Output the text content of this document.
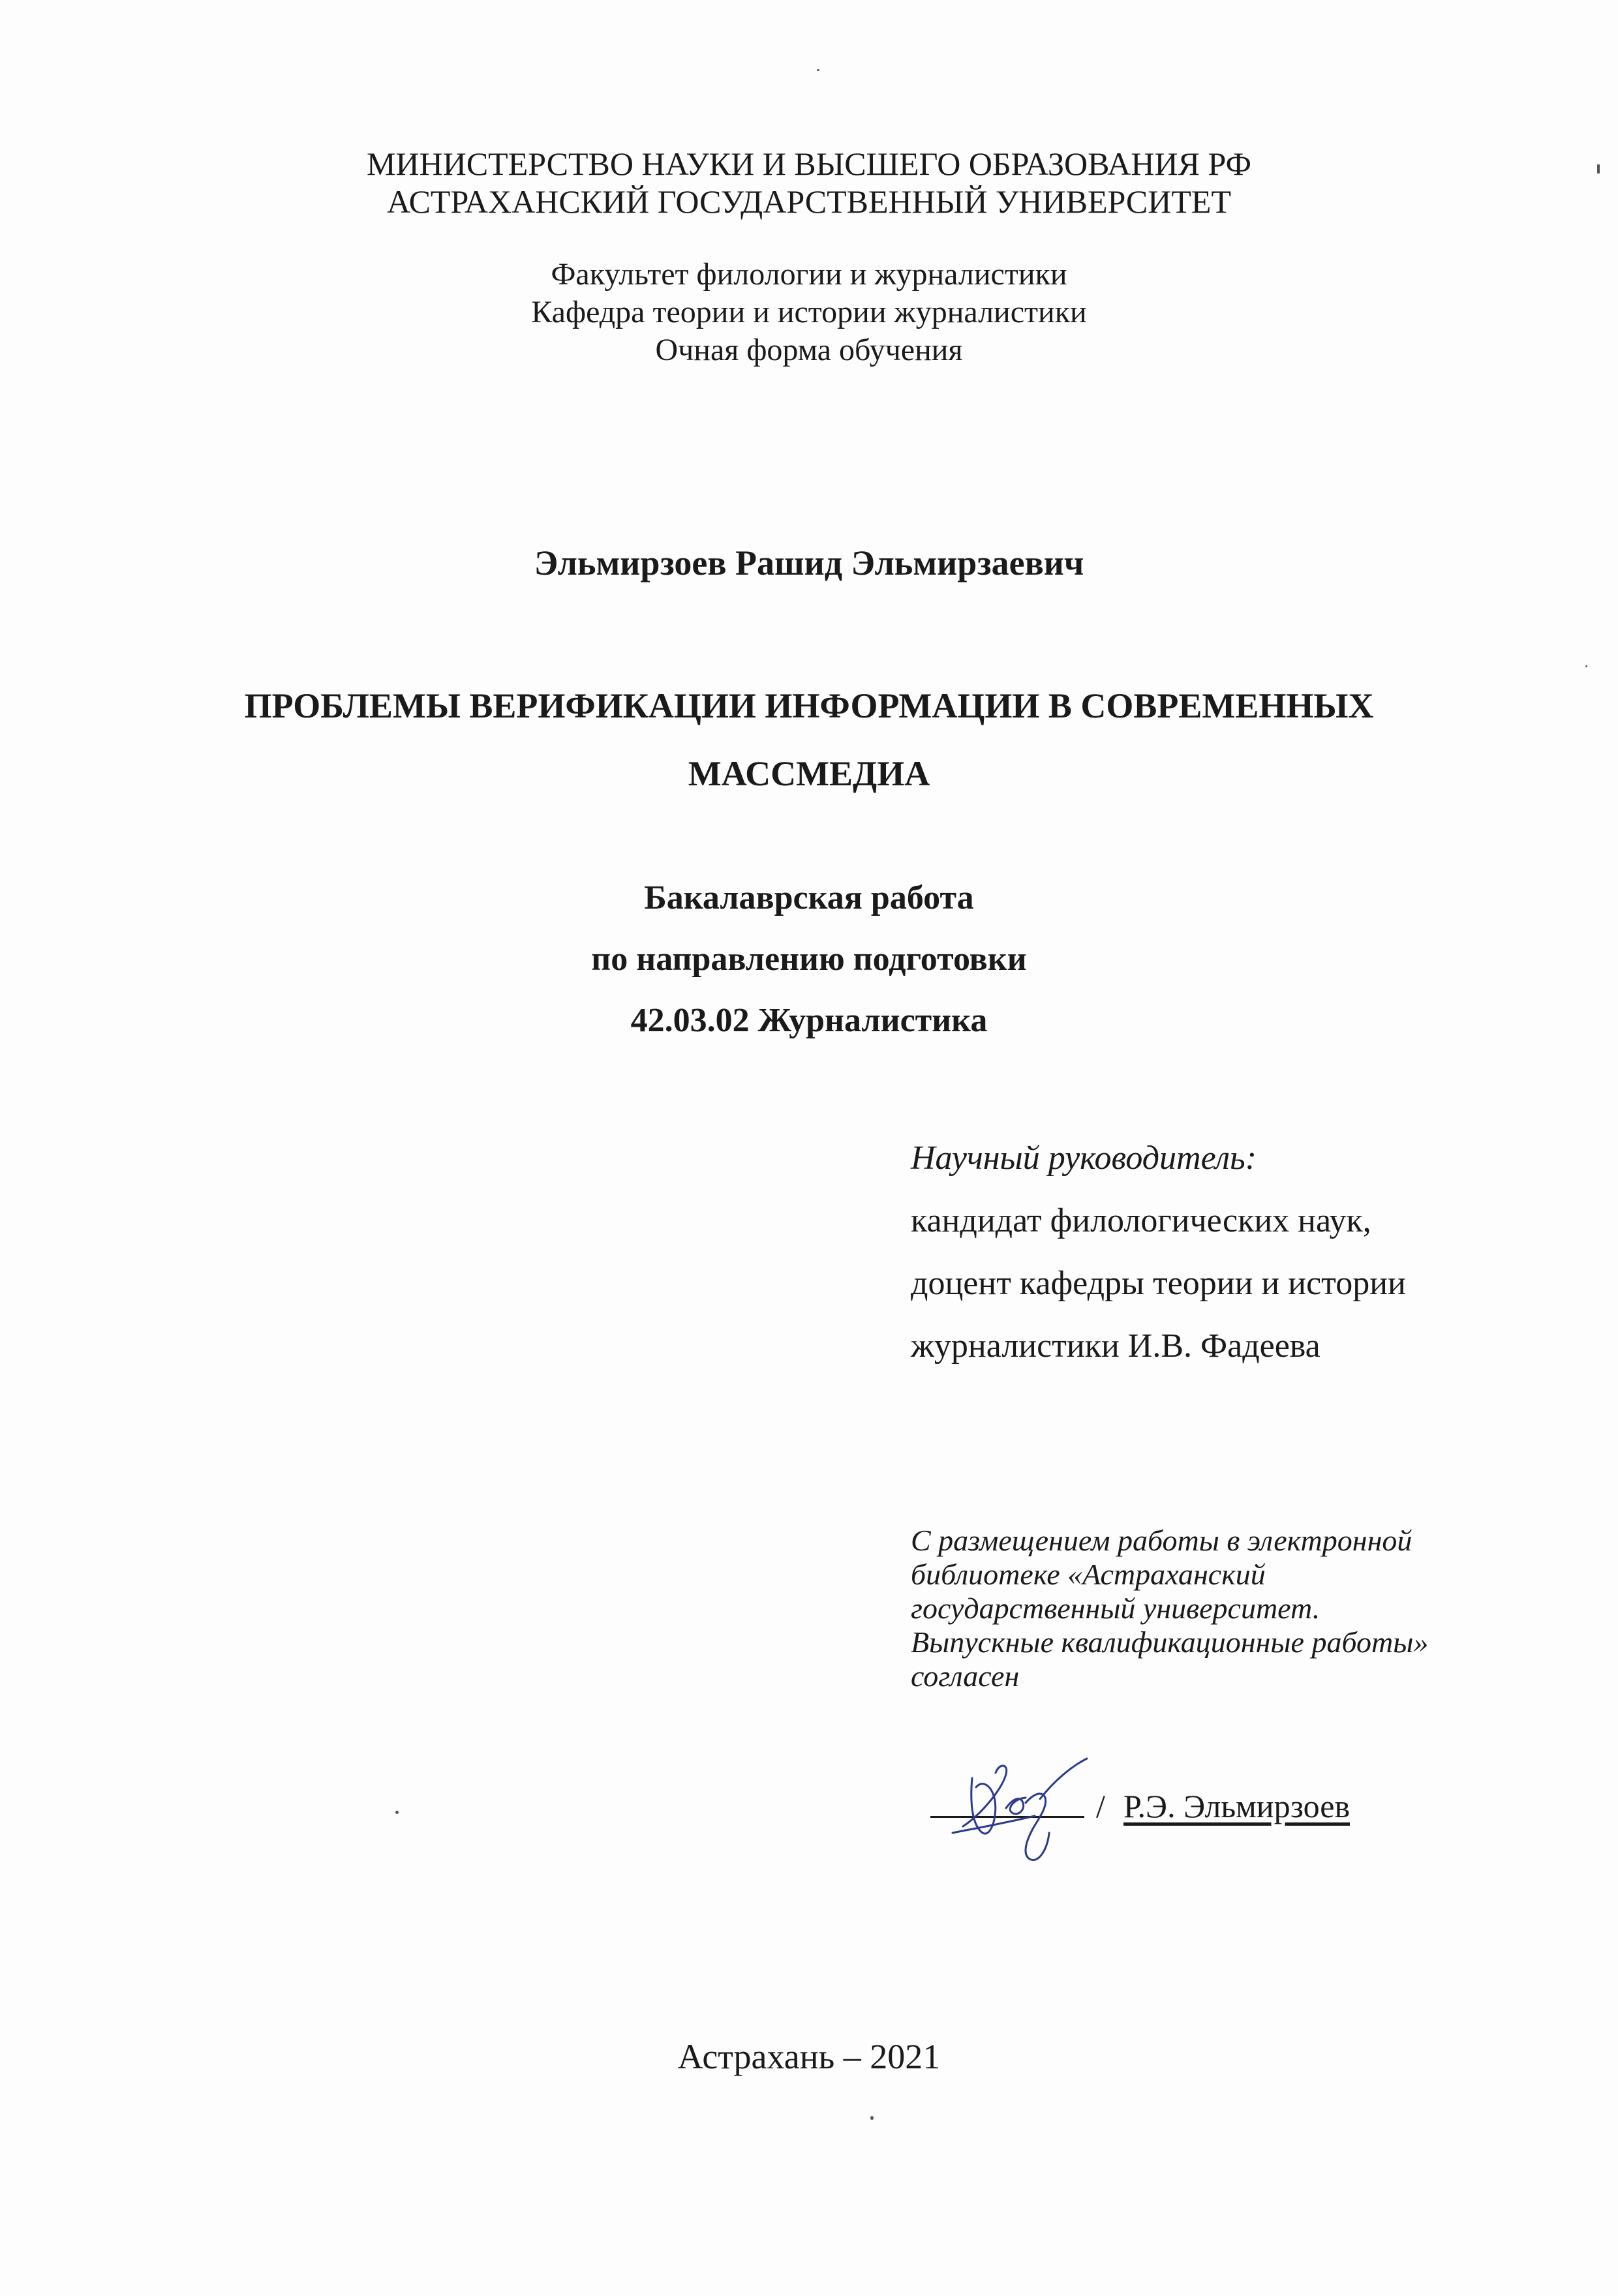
МИНИСТЕРСТВО НАУКИ И ВЫСШЕГО ОБРАЗОВАНИЯ РФ
АСТРАХАНСКИЙ ГОСУДАРСТВЕННЫЙ УНИВЕРСИТЕТ
Факультет филологии и журналистики
Кафедра теории и истории журналистики
Очная форма обучения
Эльмирзоев Рашид Эльмирзаевич
ПРОБЛЕМЫ ВЕРИФИКАЦИИ ИНФОРМАЦИИ В СОВРЕМЕННЫХ
МАССМЕДИА
Бакалаврская работа
по направлению подготовки
42.03.02 Журналистика
Научный руководитель:
кандидат филологических наук,
доцент кафедры теории и истории
журналистики И.В. Фадеева
С размещением работы в электронной
библиотеке «Астраханский
государственный университет.
Выпускные квалификационные работы»
согласен
/ Р.Э. Эльмирзоев
Астрахань – 2021
